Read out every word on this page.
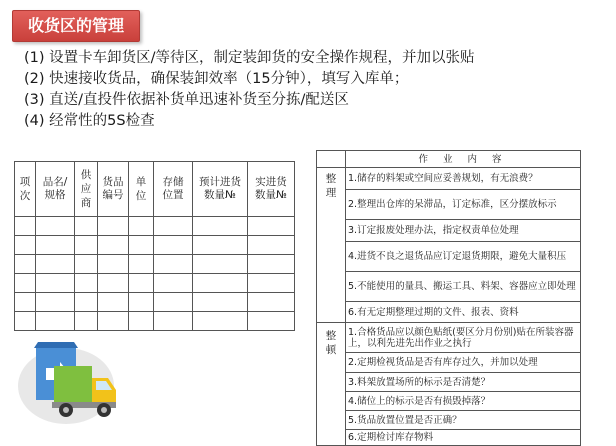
收货区的管理
(1) 设置卡车卸货区/等待区，制定装卸货的安全操作规程，并加以张贴
(2) 快速接收货品，确保装卸效率（15分钟），填写入库单；
(3) 直送/直投件依据补货单迅速补货至分拣/配送区
(4) 经常性的5S检查
项次	品名/规格	供应商	货品编号	单位	存储位置	预计进货数量№	实进货数量№

	作 业 内 容
整理	1.储存的料架或空间应妥善规划，有无浪费？
	2.整理出仓库的呆滞品，订定标准，区分摆放标示
	3.订定报废处理办法，指定权责单位处理
	4.进货不良之退货品应订定退货期限，避免大量积压
	5.不能使用的量具、搬运工具、料架、容器应立即处理
	6.有无定期整理过期的文件、报表、资料
整顿	1.合格货品应以颜色贴纸(要区分月份别)贴在所装容器上，以利先进先出作业之执行
	2.定期检视货品是否有库存过久，并加以处理
	3.料架放置场所的标示是否清楚？
	4.储位上的标示是否有损毁掉落？
	5.货品放置位置是否正确？
	6.定期检讨库存物料
